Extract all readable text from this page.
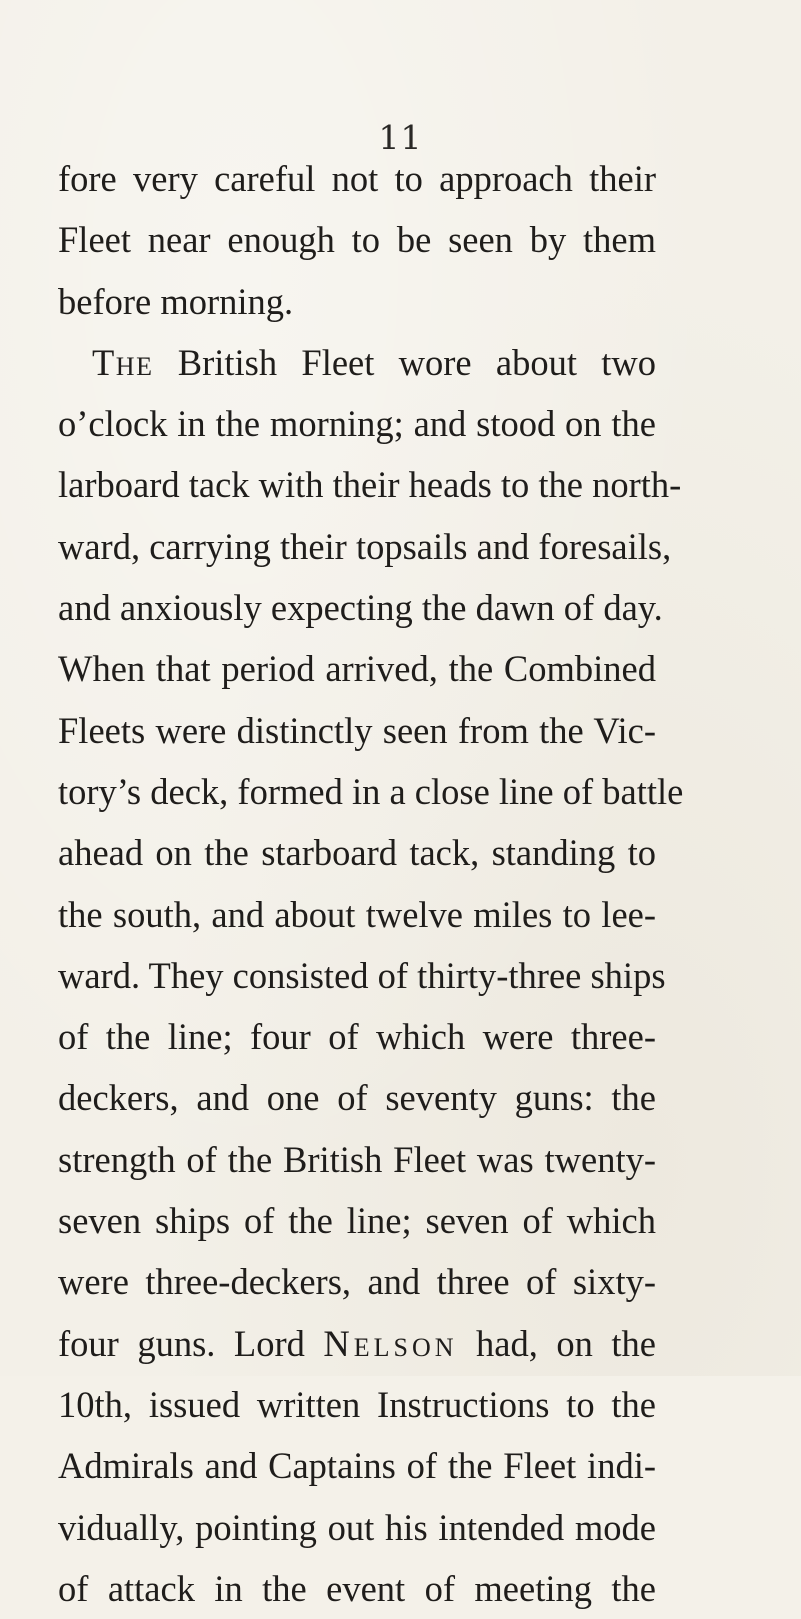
11
fore very careful not to approach their
Fleet near enough to be seen by them
before morning.
The British Fleet wore about two
o’clock in the morning; and stood on the
larboard tack with their heads to the north-
ward, carrying their topsails and foresails,
and anxiously expecting the dawn of day.
When that period arrived, the Combined
Fleets were distinctly seen from the Vic-
tory’s deck, formed in a close line of battle
ahead on the starboard tack, standing to
the south, and about twelve miles to lee-
ward. They consisted of thirty-three ships
of the line; four of which were three-
deckers, and one of seventy guns: the
strength of the British Fleet was twenty-
seven ships of the line; seven of which
were three-deckers, and three of sixty-
four guns. Lord Nelson had, on the
10th, issued written Instructions to the
Admirals and Captains of the Fleet indi-
vidually, pointing out his intended mode
of attack in the event of meeting the
